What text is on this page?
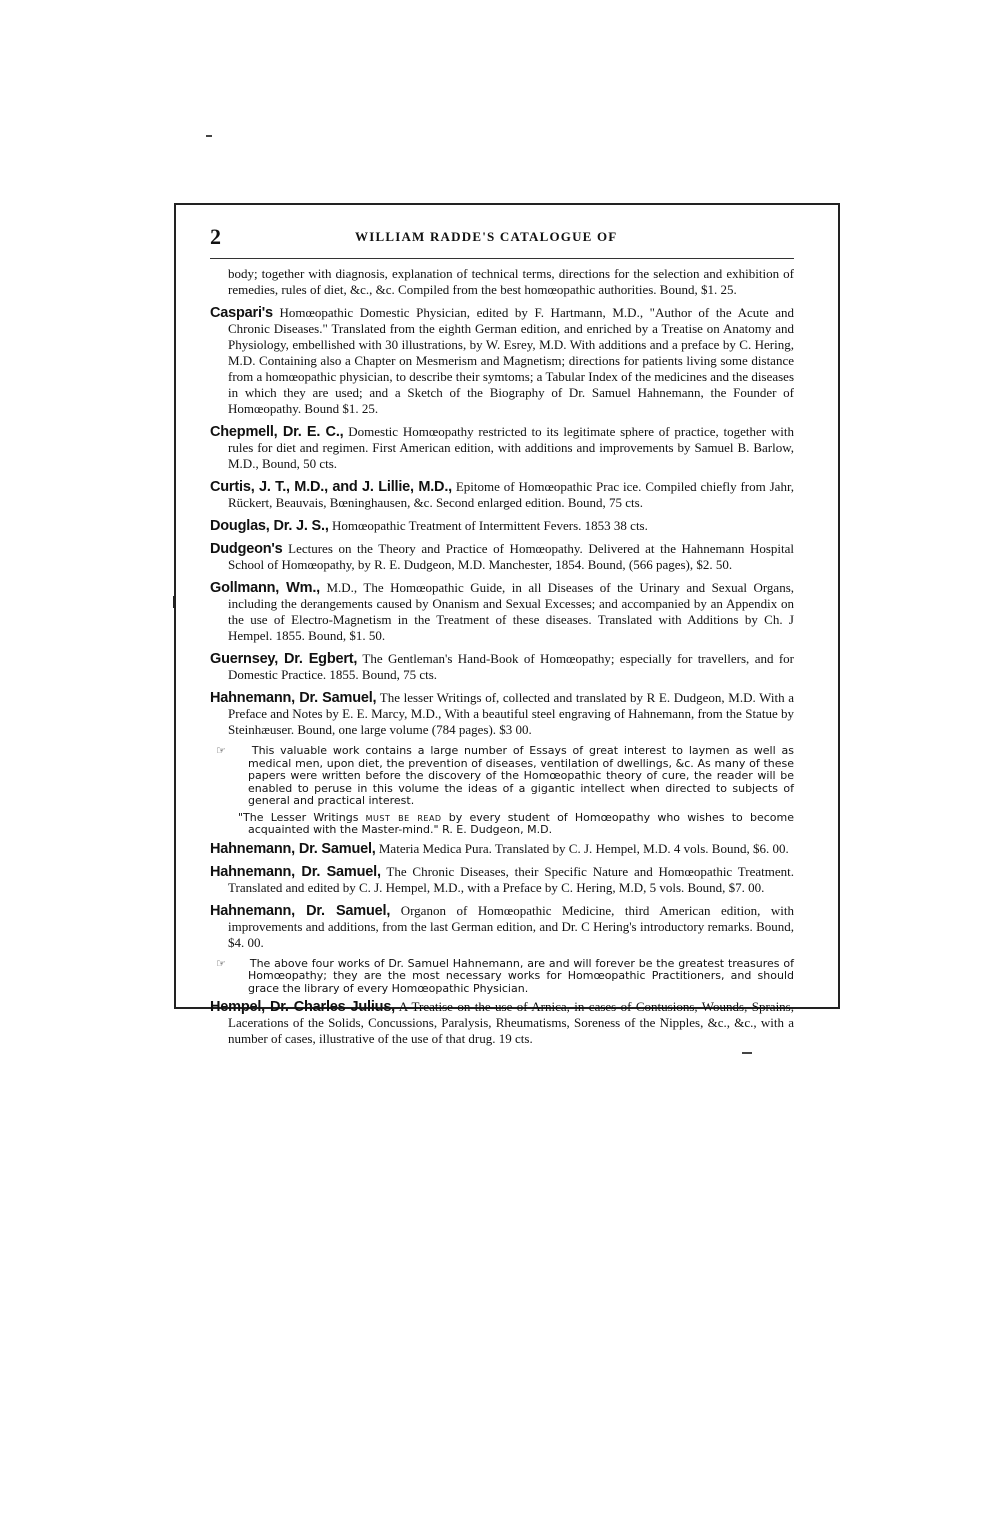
2	WILLIAM RADDE'S CATALOGUE OF

body; together with diagnosis, explanation of technical terms, directions for the selection and exhibition of remedies, rules of diet, &c., &c. Compiled from the best homœopathic authorities. Bound, $1. 25.

Caspari's Homœopathic Domestic Physician, edited by F. Hartmann, M.D., "Author of the Acute and Chronic Diseases." Translated from the eighth German edition, and enriched by a Treatise on Anatomy and Physiology, embellished with 30 illustrations, by W. Esrey, M.D. With additions and a preface by C. Hering, M.D. Containing also a Chapter on Mesmerism and Magnetism; directions for patients living some distance from a homœopathic physician, to describe their symtoms; a Tabular Index of the medicines and the diseases in which they are used; and a Sketch of the Biography of Dr. Samuel Hahnemann, the Founder of Homœopathy. Bound $1. 25.

Chepmell, Dr. E. C., Domestic Homœopathy restricted to its legitimate sphere of practice, together with rules for diet and regimen. First American edition, with additions and improvements by Samuel B. Barlow, M.D., Bound, 50 cts.

Curtis, J. T., M.D., and J. Lillie, M.D., Epitome of Homœopathic Prac ice. Compiled chiefly from Jahr, Rückert, Beauvais, Bœninghausen, &c. Second enlarged edition. Bound, 75 cts.

Douglas, Dr. J. S., Homœopathic Treatment of Intermittent Fevers. 1853 38 cts.

Dudgeon's Lectures on the Theory and Practice of Homœopathy. Delivered at the Hahnemann Hospital School of Homœopathy, by R. E. Dudgeon, M.D. Manchester, 1854. Bound, (566 pages), $2. 50.

Gollmann, Wm., M.D., The Homœopathic Guide, in all Diseases of the Urinary and Sexual Organs, including the derangements caused by Onanism and Sexual Excesses; and accompanied by an Appendix on the use of Electro-Magnetism in the Treatment of these diseases. Translated with Additions by Ch. J Hempel. 1855. Bound, $1. 50.

Guernsey, Dr. Egbert, The Gentleman's Hand-Book of Homœopathy; especially for travellers, and for Domestic Practice. 1855. Bound, 75 cts.

Hahnemann, Dr. Samuel, The lesser Writings of, collected and translated by R E. Dudgeon, M.D. With a Preface and Notes by E. E. Marcy, M.D., With a beautiful steel engraving of Hahnemann, from the Statue by Steinhæuser. Bound, one large volume (784 pages). $3 00.

☞ This valuable work contains a large number of Essays of great interest to laymen as well as medical men, upon diet, the prevention of diseases, ventilation of dwellings, &c. As many of these papers were written before the discovery of the Homœopathic theory of cure, the reader will be enabled to peruse in this volume the ideas of a gigantic intellect when directed to subjects of general and practical interest.

"The Lesser Writings must be read by every student of Homœopathy who wishes to become acquainted with the Master-mind." R. E. Dudgeon, M.D.

Hahnemann, Dr. Samuel, Materia Medica Pura. Translated by C. J. Hempel, M.D. 4 vols. Bound, $6. 00.

Hahnemann, Dr. Samuel, The Chronic Diseases, their Specific Nature and Homœopathic Treatment. Translated and edited by C. J. Hempel, M.D., with a Preface by C. Hering, M.D, 5 vols. Bound, $7. 00.

Hahnemann, Dr. Samuel, Organon of Homœopathic Medicine, third American edition, with improvements and additions, from the last German edition, and Dr. C Hering's introductory remarks. Bound, $4. 00.

☞ The above four works of Dr. Samuel Hahnemann, are and will forever be the greatest treasures of Homœopathy; they are the most necessary works for Homœopathic Practitioners, and should grace the library of every Homœopathic Physician.

Hempel, Dr. Charles Julius, A Treatise on the use of Arnica, in cases of Contusions, Wounds, Sprains, Lacerations of the Solids, Concussions, Paralysis, Rheumatisms, Soreness of the Nipples, &c., &c., with a number of cases, illustrative of the use of that drug. 19 cts.
